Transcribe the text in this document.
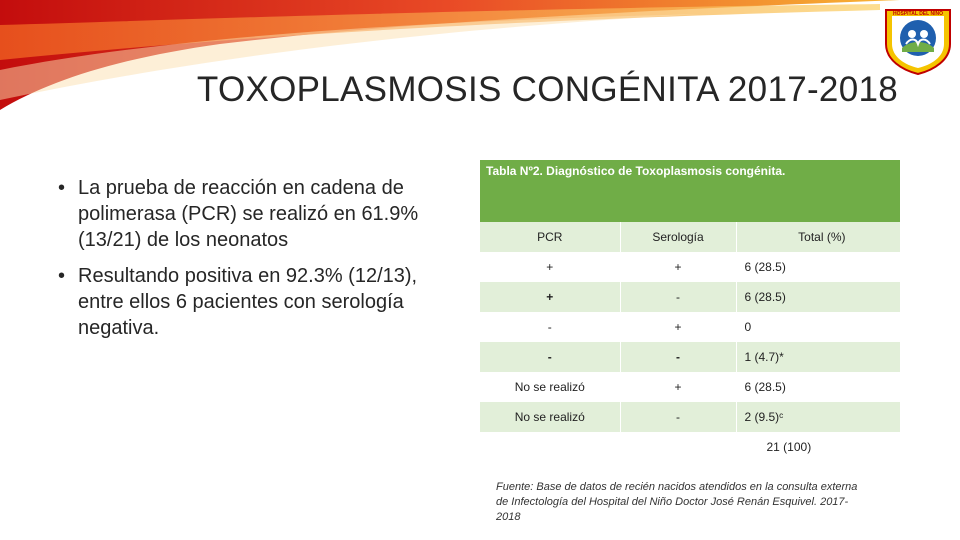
HOSPITAL DEL NIÑO
TOXOPLASMOSIS CONGÉNITA 2017-2018
• La prueba de reacción en cadena de polimerasa (PCR) se realizó en 61.9% (13/21) de los neonatos
• Resultando positiva en 92.3% (12/13), entre ellos 6 pacientes con serología negativa.
Tabla Nº2. Diagnóstico de Toxoplasmosis congénita.
PCR	Serología	Total (%)
+	+	6 (28.5)
+	-	6 (28.5)
-	+	0
-	-	1 (4.7)*
No se realizó	+	6 (28.5)
No se realizó	-	2 (9.5)ᶜ
		21 (100)
Fuente: Base de datos de recién nacidos atendidos en la consulta externa de Infectología del Hospital del Niño Doctor José Renán Esquivel. 2017-2018
